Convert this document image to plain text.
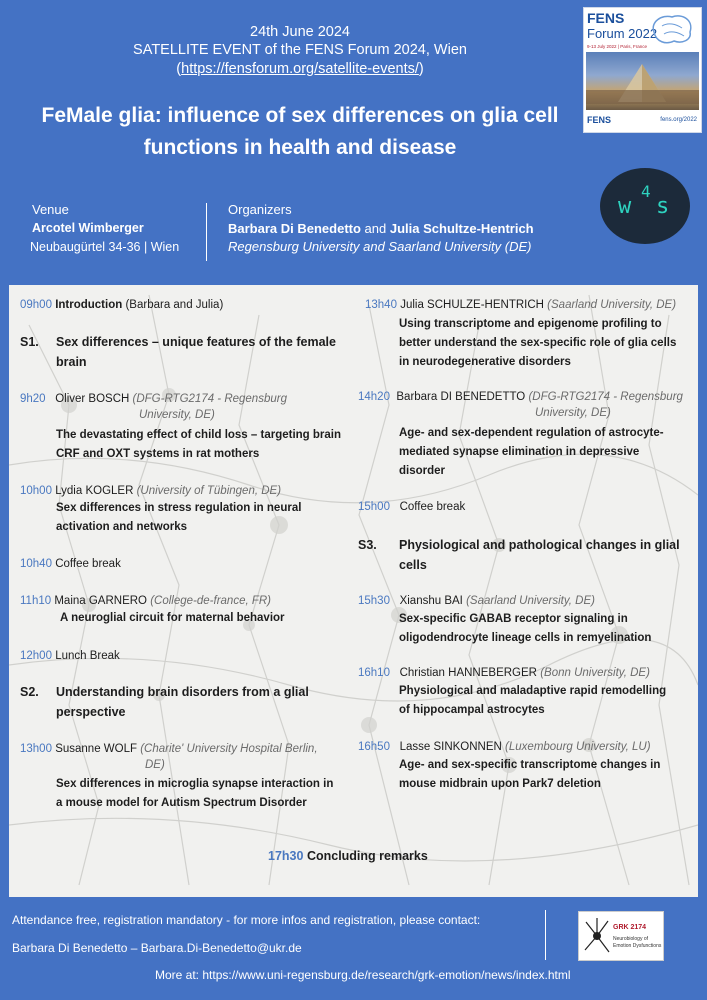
24th June 2024
SATELLITE EVENT of the FENS Forum 2024, Wien
(https://fensforum.org/satellite-events/)
FeMale glia: influence of sex differences on glia cell
functions in health and disease
FENS
Forum 2022
9-13 July 2022 | Paris, France
FENS	fens.org/2022
w
4
s
Venue
Arcotel Wimberger
Neubaugürtel 34-36 | Wien
Organizers
Barbara Di Benedetto and Julia Schultze-Hentrich
Regensburg University and Saarland University (DE)
09h00 Introduction (Barbara and Julia)
S1. Sex differences – unique features of the female
brain
9h20 Oliver BOSCH (DFG-RTG2174 - Regensburg
University, DE)
The devastating effect of child loss – targeting brain
CRF and OXT systems in rat mothers
10h00 Lydia KOGLER (University of Tübingen, DE)
Sex differences in stress regulation in neural
activation and networks
10h40 Coffee break
11h10 Maina GARNERO (College-de-france, FR)
A neuroglial circuit for maternal behavior
12h00 Lunch Break
S2. Understanding brain disorders from a glial
perspective
13h00 Susanne WOLF (Charite' University Hospital Berlin,
DE)
Sex differences in microglia synapse interaction in
a mouse model for Autism Spectrum Disorder
13h40 Julia SCHULZE-HENTRICH (Saarland University, DE)
Using transcriptome and epigenome profiling to
better understand the sex-specific role of glia cells
in neurodegenerative disorders
14h20 Barbara DI BENEDETTO (DFG-RTG2174 - Regensburg
University, DE)
Age- and sex-dependent regulation of astrocyte-
mediated synapse elimination in depressive
disorder
15h00 Coffee break
S3. Physiological and pathological changes in glial
cells
15h30 Xianshu BAI (Saarland University, DE)
Sex-specific GABAB receptor signaling in
oligodendrocyte lineage cells in remyelination
16h10 Christian HANNEBERGER (Bonn University, DE)
Physiological and maladaptive rapid remodelling
of hippocampal astrocytes
16h50 Lasse SINKONNEN (Luxembourg University, LU)
Age- and sex-specific transcriptome changes in
mouse midbrain upon Park7 deletion
17h30 Concluding remarks
Attendance free, registration mandatory - for more infos and registration, please contact:
Barbara Di Benedetto – Barbara.Di-Benedetto@ukr.de
More at: https://www.uni-regensburg.de/research/grk-emotion/news/index.html
GRK 2174
Neurobiology of
Emotion Dysfunctions
